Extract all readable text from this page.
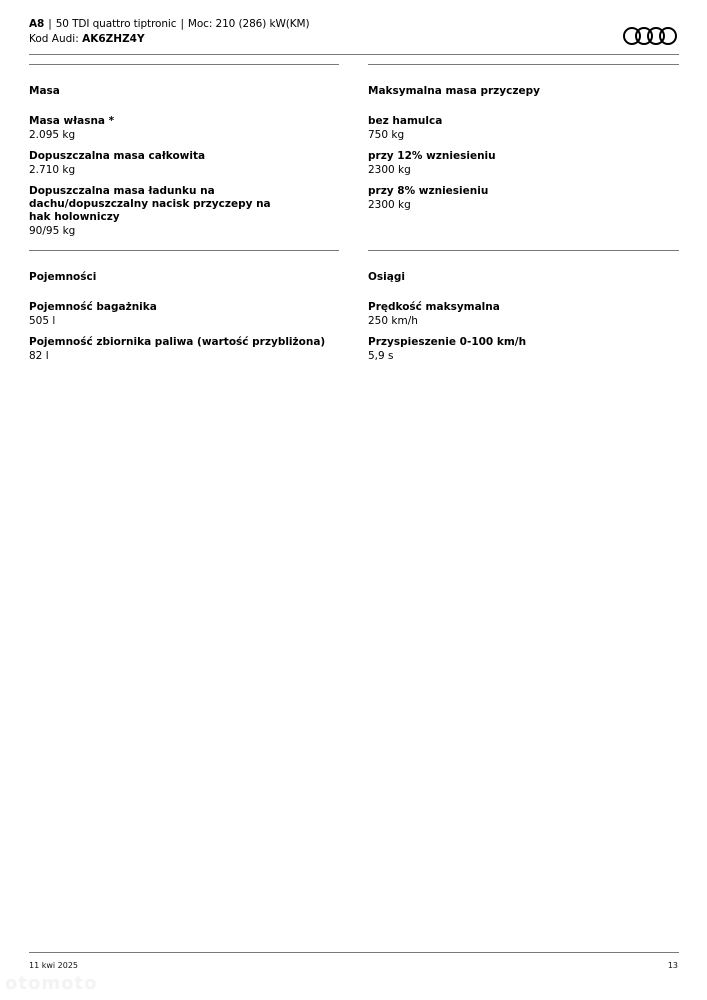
A8 | 50 TDI quattro tiptronic | Moc: 210 (286) kW(KM)
Kod Audi: AK6ZHZ4Y
Masa
Masa własna *
2.095 kg
Dopuszczalna masa całkowita
2.710 kg
Dopuszczalna masa ładunku na dachu/dopuszczalny nacisk przyczepy na hak holowniczy
90/95 kg
Maksymalna masa przyczepy
bez hamulca
750 kg
przy 12% wzniesieniu
2300 kg
przy 8% wzniesieniu
2300 kg
Pojemności
Pojemność bagażnika
505 l
Pojemność zbiornika paliwa (wartość przybliżona)
82 l
Osiągi
Prędkość maksymalna
250 km/h
Przyspieszenie 0-100 km/h
5,9 s
11 kwi 2025	13
otomoto
